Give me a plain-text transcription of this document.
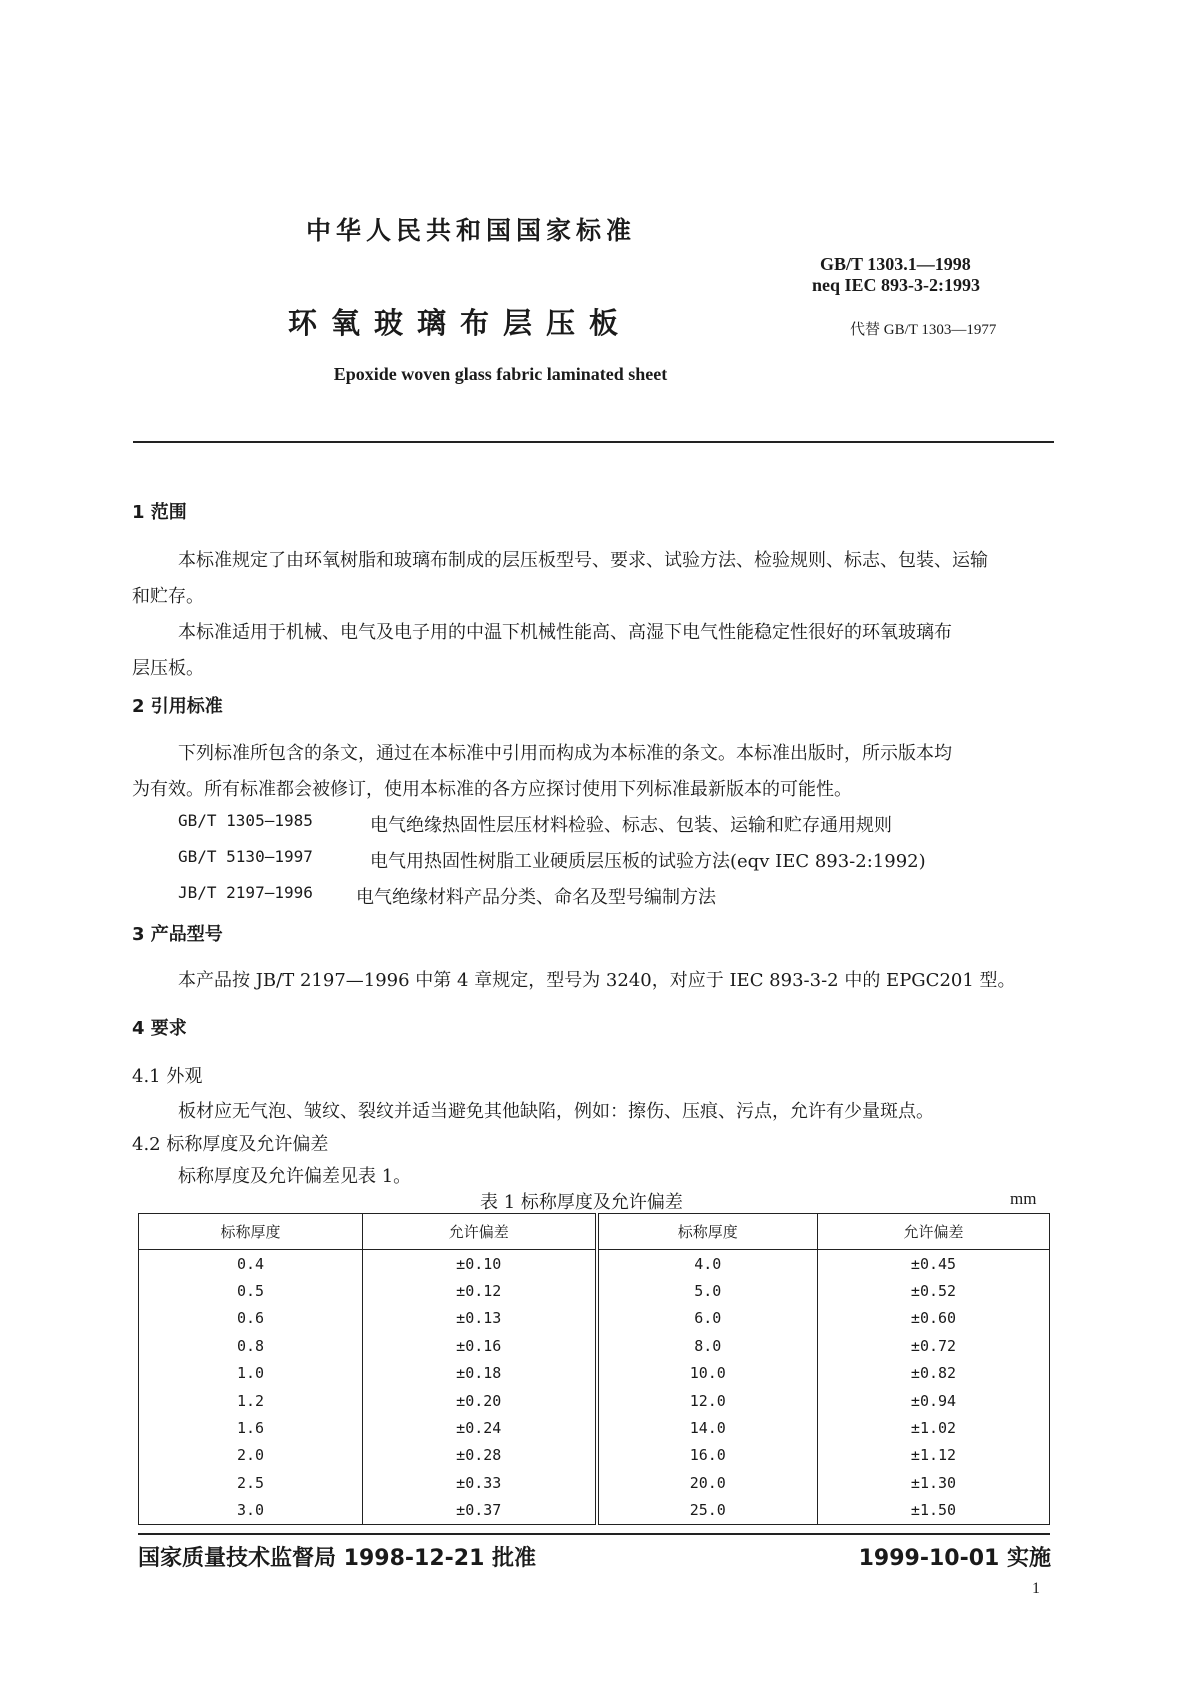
中华人民共和国国家标准
GB/T 1303.1—1998
neq IEC 893-3-2:1993
环氧玻璃布层压板	代替 GB/T 1303—1977
Epoxide woven glass fabric laminated sheet
1 范围
本标准规定了由环氧树脂和玻璃布制成的层压板型号、要求、试验方法、检验规则、标志、包装、运输
和贮存。
本标准适用于机械、电气及电子用的中温下机械性能高、高湿下电气性能稳定性很好的环氧玻璃布
层压板。
2 引用标准
下列标准所包含的条文，通过在本标准中引用而构成为本标准的条文。本标准出版时，所示版本均
为有效。所有标准都会被修订，使用本标准的各方应探讨使用下列标准最新版本的可能性。
GB/T 1305—1985	电气绝缘热固性层压材料检验、标志、包装、运输和贮存通用规则
GB/T 5130—1997	电气用热固性树脂工业硬质层压板的试验方法(eqv IEC 893-2:1992)
JB/T 2197—1996 电气绝缘材料产品分类、命名及型号编制方法
3 产品型号
本产品按 JB/T 2197—1996 中第 4 章规定，型号为 3240，对应于 IEC 893-3-2 中的 EPGC201 型。
4 要求
4.1 外观
板材应无气泡、皱纹、裂纹并适当避免其他缺陷，例如：擦伤、压痕、污点，允许有少量斑点。
4.2 标称厚度及允许偏差
标称厚度及允许偏差见表 1。
表 1 标称厚度及允许偏差	mm
标称厚度	允许偏差	标称厚度	允许偏差
0.4	±0.10	4.0	±0.45
0.5	±0.12	5.0	±0.52
0.6	±0.13	6.0	±0.60
0.8	±0.16	8.0	±0.72
1.0	±0.18	10.0	±0.82
1.2	±0.20	12.0	±0.94
1.6	±0.24	14.0	±1.02
2.0	±0.28	16.0	±1.12
2.5	±0.33	20.0	±1.30
3.0	±0.37	25.0	±1.50
国家质量技术监督局 1998-12-21 批准	1999-10-01 实施
1
